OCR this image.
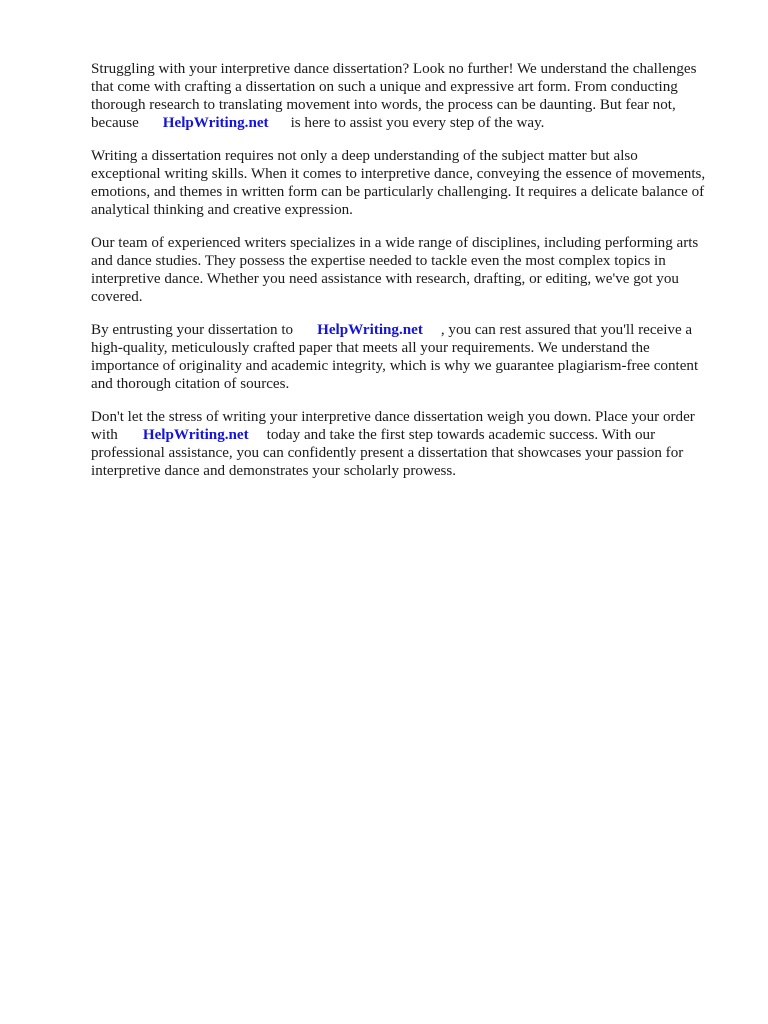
Struggling with your interpretive dance dissertation? Look no further! We understand the challenges
that come with crafting a dissertation on such a unique and expressive art form. From conducting
thorough research to translating movement into words, the process can be daunting. But fear not,
because HelpWriting.net is here to assist you every step of the way.

Writing a dissertation requires not only a deep understanding of the subject matter but also
exceptional writing skills. When it comes to interpretive dance, conveying the essence of movements,
emotions, and themes in written form can be particularly challenging. It requires a delicate balance of
analytical thinking and creative expression.

Our team of experienced writers specializes in a wide range of disciplines, including performing arts
and dance studies. They possess the expertise needed to tackle even the most complex topics in
interpretive dance. Whether you need assistance with research, drafting, or editing, we've got you
covered.

By entrusting your dissertation to HelpWriting.net , you can rest assured that you'll receive a
high-quality, meticulously crafted paper that meets all your requirements. We understand the
importance of originality and academic integrity, which is why we guarantee plagiarism-free content
and thorough citation of sources.

Don't let the stress of writing your interpretive dance dissertation weigh you down. Place your order
with HelpWriting.net today and take the first step towards academic success. With our
professional assistance, you can confidently present a dissertation that showcases your passion for
interpretive dance and demonstrates your scholarly prowess.
